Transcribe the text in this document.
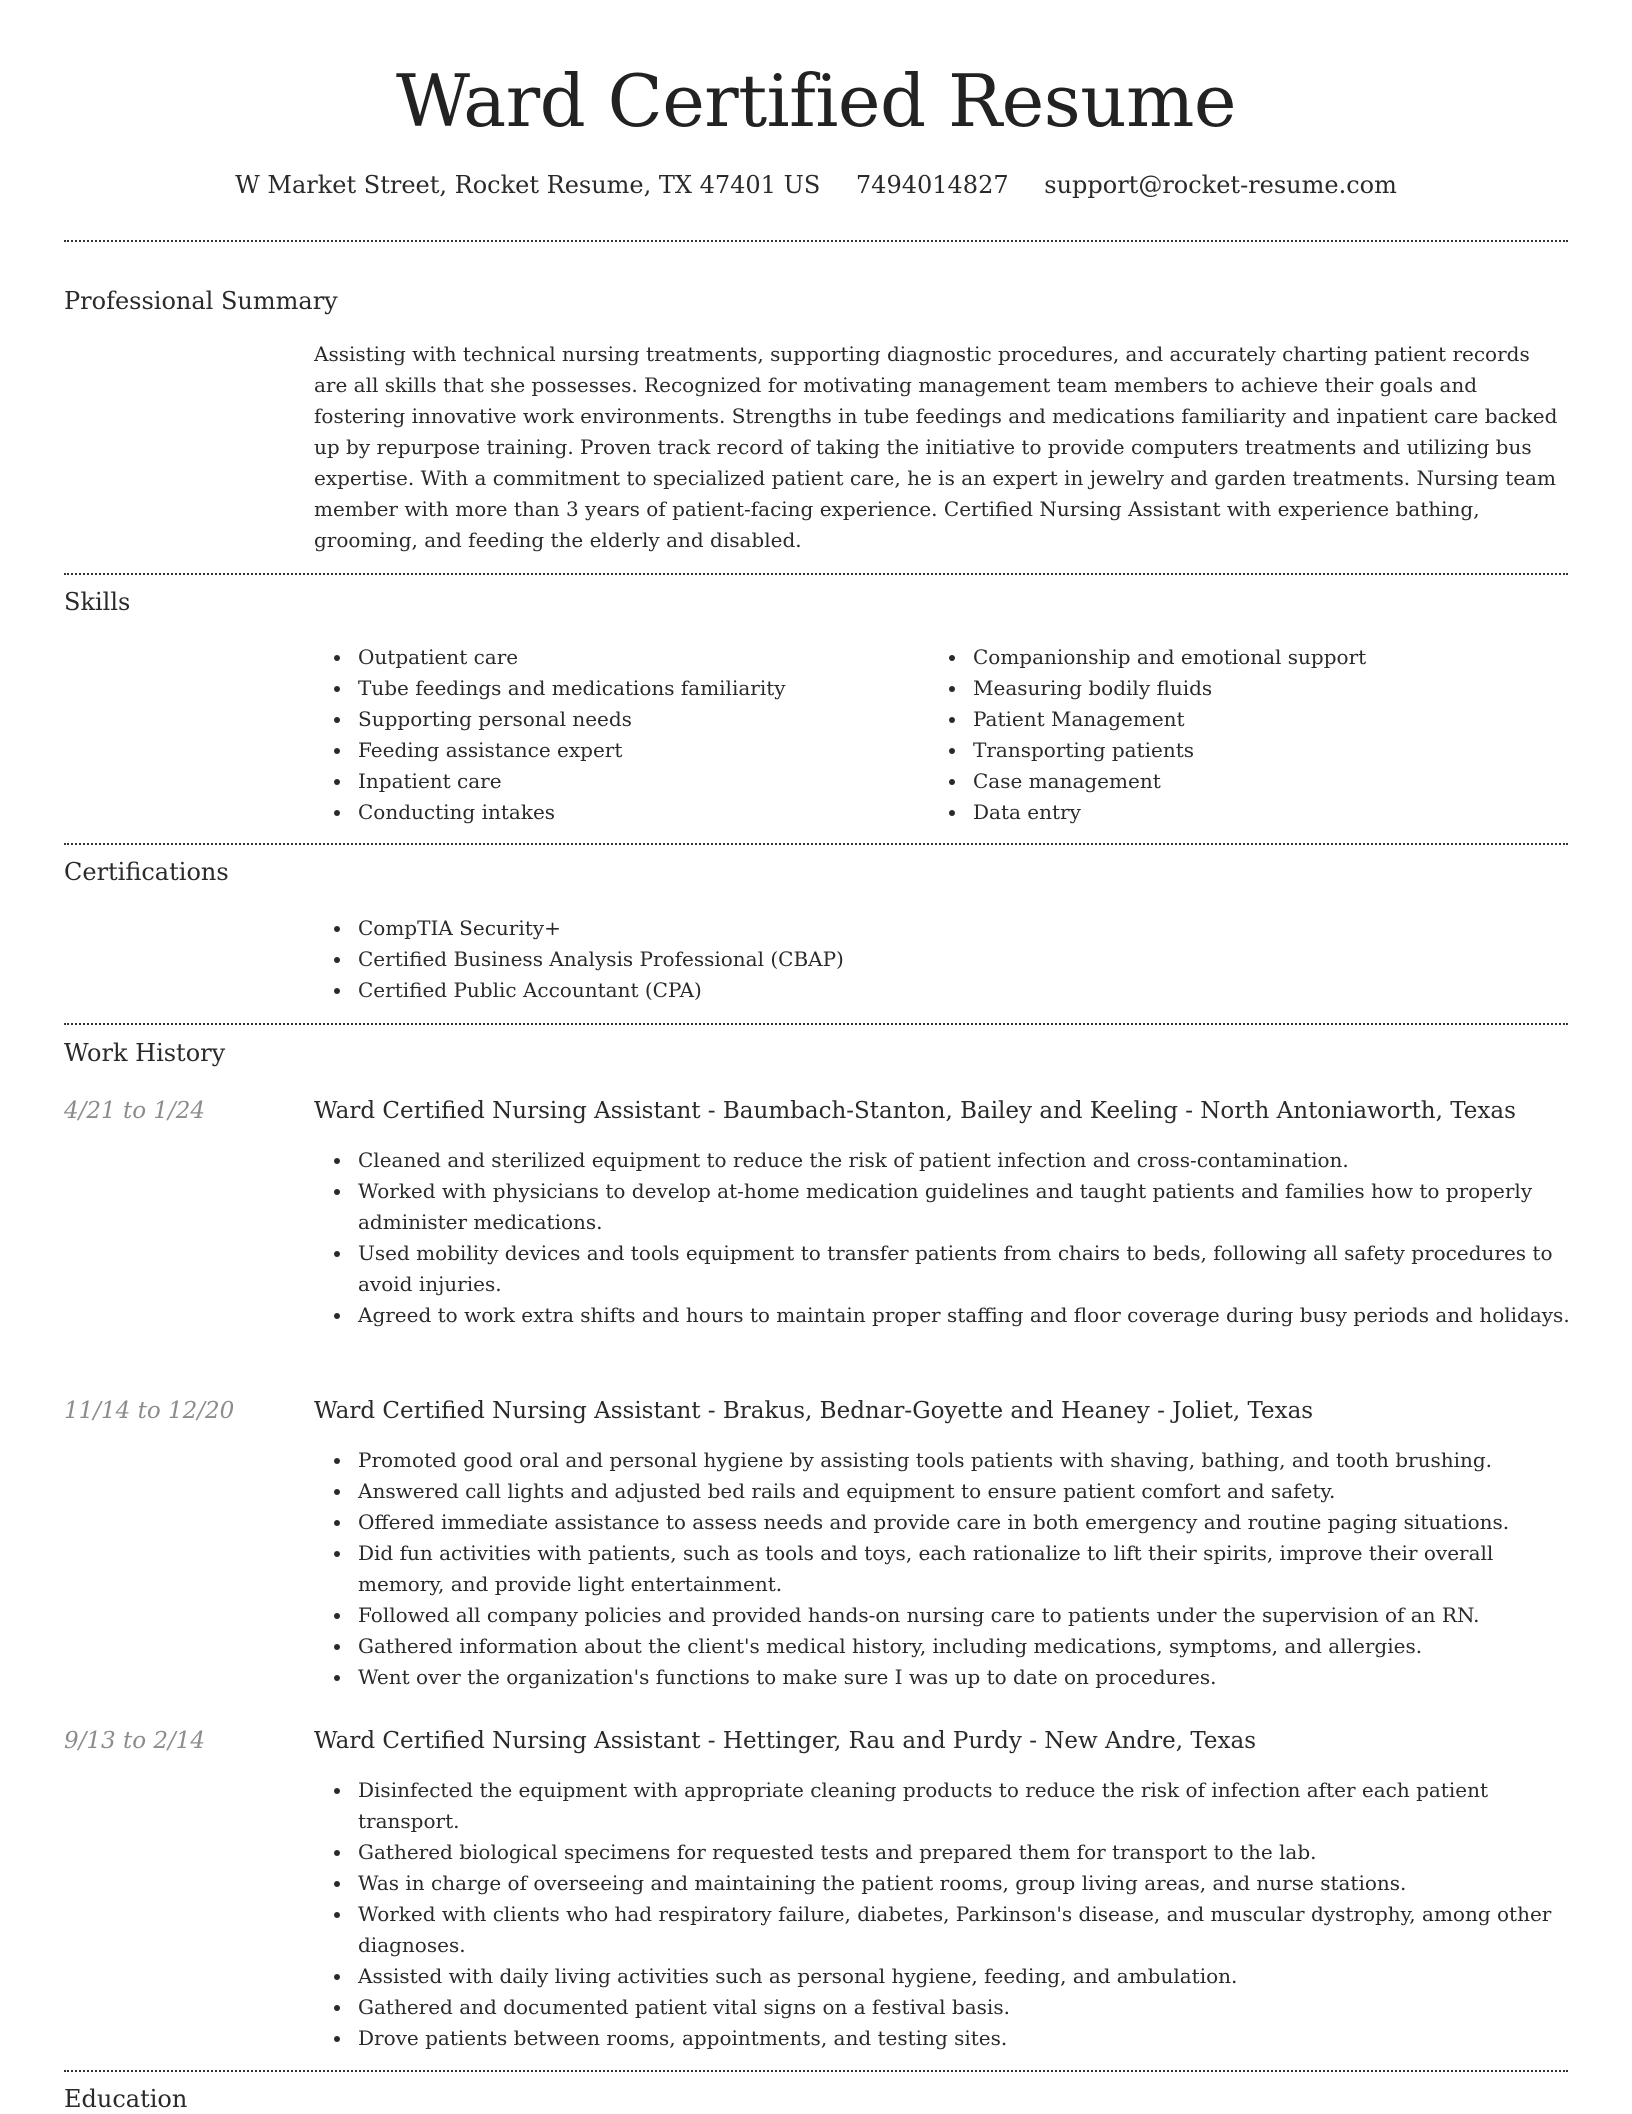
Ward Certified Resume
W Market Street, Rocket Resume, TX 47401 US 7494014827 support@rocket-resume.com
Professional Summary

Assisting with technical nursing treatments, supporting diagnostic procedures, and accurately charting patient records are all skills that she possesses. Recognized for motivating management team members to achieve their goals and fostering innovative work environments. Strengths in tube feedings and medications familiarity and inpatient care backed up by repurpose training. Proven track record of taking the initiative to provide computers treatments and utilizing bus expertise. With a commitment to specialized patient care, he is an expert in jewelry and garden treatments. Nursing team member with more than 3 years of patient-facing experience. Certified Nursing Assistant with experience bathing, grooming, and feeding the elderly and disabled.

Skills
Outpatient care
Tube feedings and medications familiarity
Supporting personal needs
Feeding assistance expert
Inpatient care
Conducting intakes
Companionship and emotional support
Measuring bodily fluids
Patient Management
Transporting patients
Case management
Data entry
Certifications
CompTIA Security+
Certified Business Analysis Professional (CBAP)
Certified Public Accountant (CPA)
Work History
4/21 to 1/24	Ward Certified Nursing Assistant - Baumbach-Stanton, Bailey and Keeling - North Antoniaworth, Texas
Cleaned and sterilized equipment to reduce the risk of patient infection and cross-contamination.
Worked with physicians to develop at-home medication guidelines and taught patients and families how to properly administer medications.
Used mobility devices and tools equipment to transfer patients from chairs to beds, following all safety procedures to avoid injuries.
Agreed to work extra shifts and hours to maintain proper staffing and floor coverage during busy periods and holidays.
11/14 to 12/20	Ward Certified Nursing Assistant - Brakus, Bednar-Goyette and Heaney - Joliet, Texas
Promoted good oral and personal hygiene by assisting tools patients with shaving, bathing, and tooth brushing.
Answered call lights and adjusted bed rails and equipment to ensure patient comfort and safety.
Offered immediate assistance to assess needs and provide care in both emergency and routine paging situations.
Did fun activities with patients, such as tools and toys, each rationalize to lift their spirits, improve their overall memory, and provide light entertainment.
Followed all company policies and provided hands-on nursing care to patients under the supervision of an RN.
Gathered information about the client's medical history, including medications, symptoms, and allergies.
Went over the organization's functions to make sure I was up to date on procedures.
9/13 to 2/14	Ward Certified Nursing Assistant - Hettinger, Rau and Purdy - New Andre, Texas
Disinfected the equipment with appropriate cleaning products to reduce the risk of infection after each patient transport.
Gathered biological specimens for requested tests and prepared them for transport to the lab.
Was in charge of overseeing and maintaining the patient rooms, group living areas, and nurse stations.
Worked with clients who had respiratory failure, diabetes, Parkinson's disease, and muscular dystrophy, among other diagnoses.
Assisted with daily living activities such as personal hygiene, feeding, and ambulation.
Gathered and documented patient vital signs on a festival basis.
Drove patients between rooms, appointments, and testing sites.
Education
